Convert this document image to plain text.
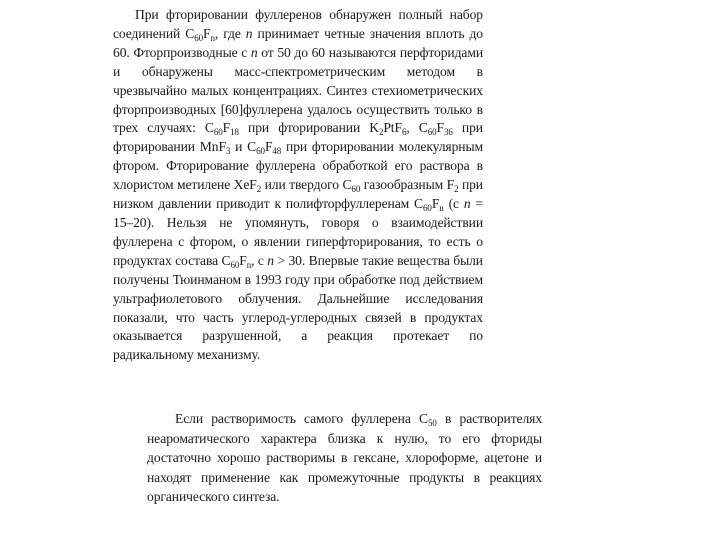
При фторировании фуллеренов обнаружен полный набор соединений $C_{60}F_n$, где n принимает четные значения вплоть до 60. Фторпроизводные с n от 50 до 60 называются перфторидами и обнаружены масс-спектрометрическим методом в чрезвычайно малых концентрациях. Синтез стехиометрических фторпроизводных [60]фуллерена удалось осуществить только в трех случаях: $C_{60}F_{18}$ при фторировании $K_2PtF_6$, $C_{60}F_{36}$ при фторировании MnF$_3$ и $C_{60}F_{48}$ при фторировании молекулярным фтором. Фторирование фуллерена обработкой его раствора в хлористом метилене XeF$_2$ или твердого $C_{60}$ газообразным $F_2$ при низком давлении приводит к полифторфуллеренам $C_{60}F_n$ (с n = 15–20). Нельзя не упомянуть, говоря о взаимодействии фуллерена с фтором, о явлении гиперфторирования, то есть о продуктах состава $C_{60}F_n$, с n > 30. Впервые такие вещества были получены Тюинманом в 1993 году при обработке под действием ультрафиолетового облучения. Дальнейшие исследования показали, что часть углерод-углеродных связей в продуктах оказывается разрушенной, а реакция протекает по радикальному механизму.

Если растворимость самого фуллерена $C_{50}$ в растворителях неароматического характера близка к нулю, то его фториды достаточно хорошо растворимы в гексане, хлороформе, ацетоне и находят применение как промежуточные продукты в реакциях органического синтеза.
